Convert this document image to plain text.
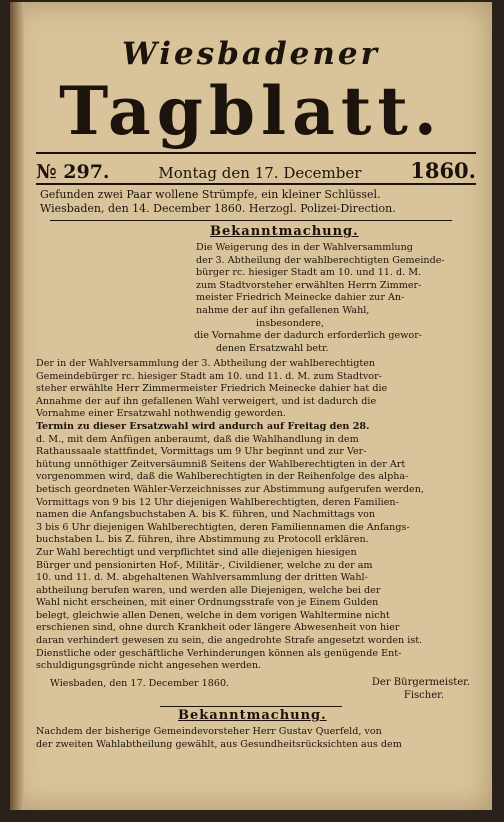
Wiesbadener
Tagblatt.
№ 297.	Montag den 17. December 1860.
Gefunden zwei Paar wollene Strümpfe, ein kleiner Schlüssel.
Wiesbaden, den 14. December 1860. Herzogl. Polizei-Direction.
Bekanntmachung.
Die Weigerung des in der Wahlversammlung
der 3. Abtheilung der wahlberechtigten Gemeinde-
bürger rc. hiesiger Stadt am 10. und 11. d. M.
zum Stadtvorsteher erwählten Herrn Zimmer-
meister Friedrich Meinecke dahier zur An-
nahme der auf ihn gefallenen Wahl,
insbesondere,
die Vornahme der dadurch erforderlich gewor-
denen Ersatzwahl betr.
Der in der Wahlversammlung der 3. Abtheilung der wahlberechtigten
Gemeindebürger rc. hiesiger Stadt am 10. und 11. d. M. zum Stadtvor-
steher erwählte Herr Zimmermeister Friedrich Meinecke dahier hat die
Annahme der auf ihn gefallenen Wahl verweigert, und ist dadurch die
Vornahme einer Ersatzwahl nothwendig geworden.
Termin zu dieser Ersatzwahl wird andurch auf Freitag den 28.
d. M., mit dem Anfügen anberaumt, daß die Wahlhandlung in dem
Rathaussaale stattfindet, Vormittags um 9 Uhr beginnt und zur Ver-
hütung unnöthiger Zeitversäumniß Seitens der Wahlberechtigten in der Art
vorgenommen wird, daß die Wahlberechtigten in der Reihenfolge des alpha-
betisch geordneten Wähler-Verzeichnisses zur Abstimmung aufgerufen werden,
Vormittags von 9 bis 12 Uhr diejenigen Wahlberechtigten, deren Familien-
namen die Anfangsbuchstaben A. bis K. führen, und Nachmittags von
3 bis 6 Uhr diejenigen Wahlberechtigten, deren Familiennamen die Anfangs-
buchstaben L. bis Z. führen, ihre Abstimmung zu Protocoll erklären.
Zur Wahl berechtigt und verpflichtet sind alle diejenigen hiesigen
Bürger und pensionirten Hof-, Militär-, Civildiener, welche zu der am
10. und 11. d. M. abgehaltenen Wahlversammlung der dritten Wahl-
abtheilung berufen waren, und werden alle Diejenigen, welche bei der
Wahl nicht erscheinen, mit einer Ordnungsstrafe von je Einem Gulden
belegt, gleichwie allen Denen, welche in dem vorigen Wahltermine nicht
erschienen sind, ohne durch Krankheit oder längere Abwesenheit von hier
daran verhindert gewesen zu sein, die angedrohte Strafe angesetzt worden ist.
Dienstliche oder geschäftliche Verhinderungen können als genügende Ent-
schuldigungsgründe nicht angesehen werden.
Wiesbaden, den 17. December 1860.	Der Bürgermeister.
Fischer.
Bekanntmachung.
Nachdem der bisherige Gemeindevorsteher Herr Gustav Querfeld, von
der zweiten Wahlabtheilung gewählt, aus Gesundheitsrücksichten aus dem
